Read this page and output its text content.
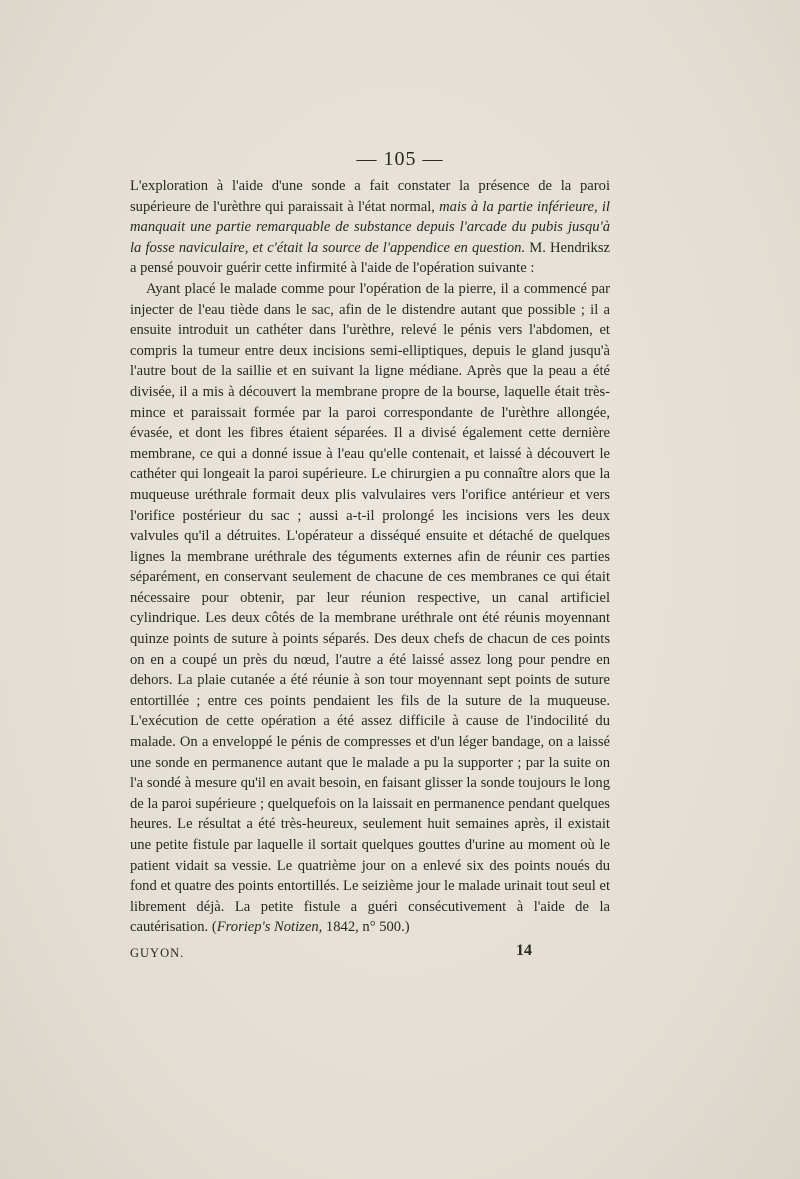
— 105 —

L'exploration à l'aide d'une sonde a fait constater la présence de la paroi supérieure de l'urèthre qui paraissait à l'état normal, mais à la partie inférieure, il manquait une partie remarquable de substance depuis l'arcade du pubis jusqu'à la fosse naviculaire, et c'était la source de l'appendice en question. M. Hendriksz a pensé pouvoir guérir cette infirmité à l'aide de l'opération suivante :

Ayant placé le malade comme pour l'opération de la pierre, il a commencé par injecter de l'eau tiède dans le sac, afin de le distendre autant que possible ; il a ensuite introduit un cathéter dans l'urèthre, relevé le pénis vers l'abdomen, et compris la tumeur entre deux incisions semi-elliptiques, depuis le gland jusqu'à l'autre bout de la saillie et en suivant la ligne médiane. Après que la peau a été divisée, il a mis à découvert la membrane propre de la bourse, laquelle était très-mince et paraissait formée par la paroi correspondante de l'urèthre allongée, évasée, et dont les fibres étaient séparées. Il a divisé également cette dernière membrane, ce qui a donné issue à l'eau qu'elle contenait, et laissé à découvert le cathéter qui longeait la paroi supérieure. Le chirurgien a pu connaître alors que la muqueuse uréthrale formait deux plis valvulaires vers l'orifice antérieur et vers l'orifice postérieur du sac ; aussi a-t-il prolongé les incisions vers les deux valvules qu'il a détruites. L'opérateur a disséqué ensuite et détaché de quelques lignes la membrane uréthrale des téguments externes afin de réunir ces parties séparément, en conservant seulement de chacune de ces membranes ce qui était nécessaire pour obtenir, par leur réunion respective, un canal artificiel cylindrique. Les deux côtés de la membrane uréthrale ont été réunis moyennant quinze points de suture à points séparés. Des deux chefs de chacun de ces points on en a coupé un près du nœud, l'autre a été laissé assez long pour pendre en dehors. La plaie cutanée a été réunie à son tour moyennant sept points de suture entortillée ; entre ces points pendaient les fils de la suture de la muqueuse. L'exécution de cette opération a été assez difficile à cause de l'indocilité du malade. On a enveloppé le pénis de compresses et d'un léger bandage, on a laissé une sonde en permanence autant que le malade a pu la supporter ; par la suite on l'a sondé à mesure qu'il en avait besoin, en faisant glisser la sonde toujours le long de la paroi supérieure ; quelquefois on la laissait en permanence pendant quelques heures. Le résultat a été très-heureux, seulement huit semaines après, il existait une petite fistule par laquelle il sortait quelques gouttes d'urine au moment où le patient vidait sa vessie. Le quatrième jour on a enlevé six des points noués du fond et quatre des points entortillés. Le seizième jour le malade urinait tout seul et librement déjà. La petite fistule a guéri consécutivement à l'aide de la cautérisation. (Froriep's Notizen, 1842, n° 500.)

GUYON.	14
